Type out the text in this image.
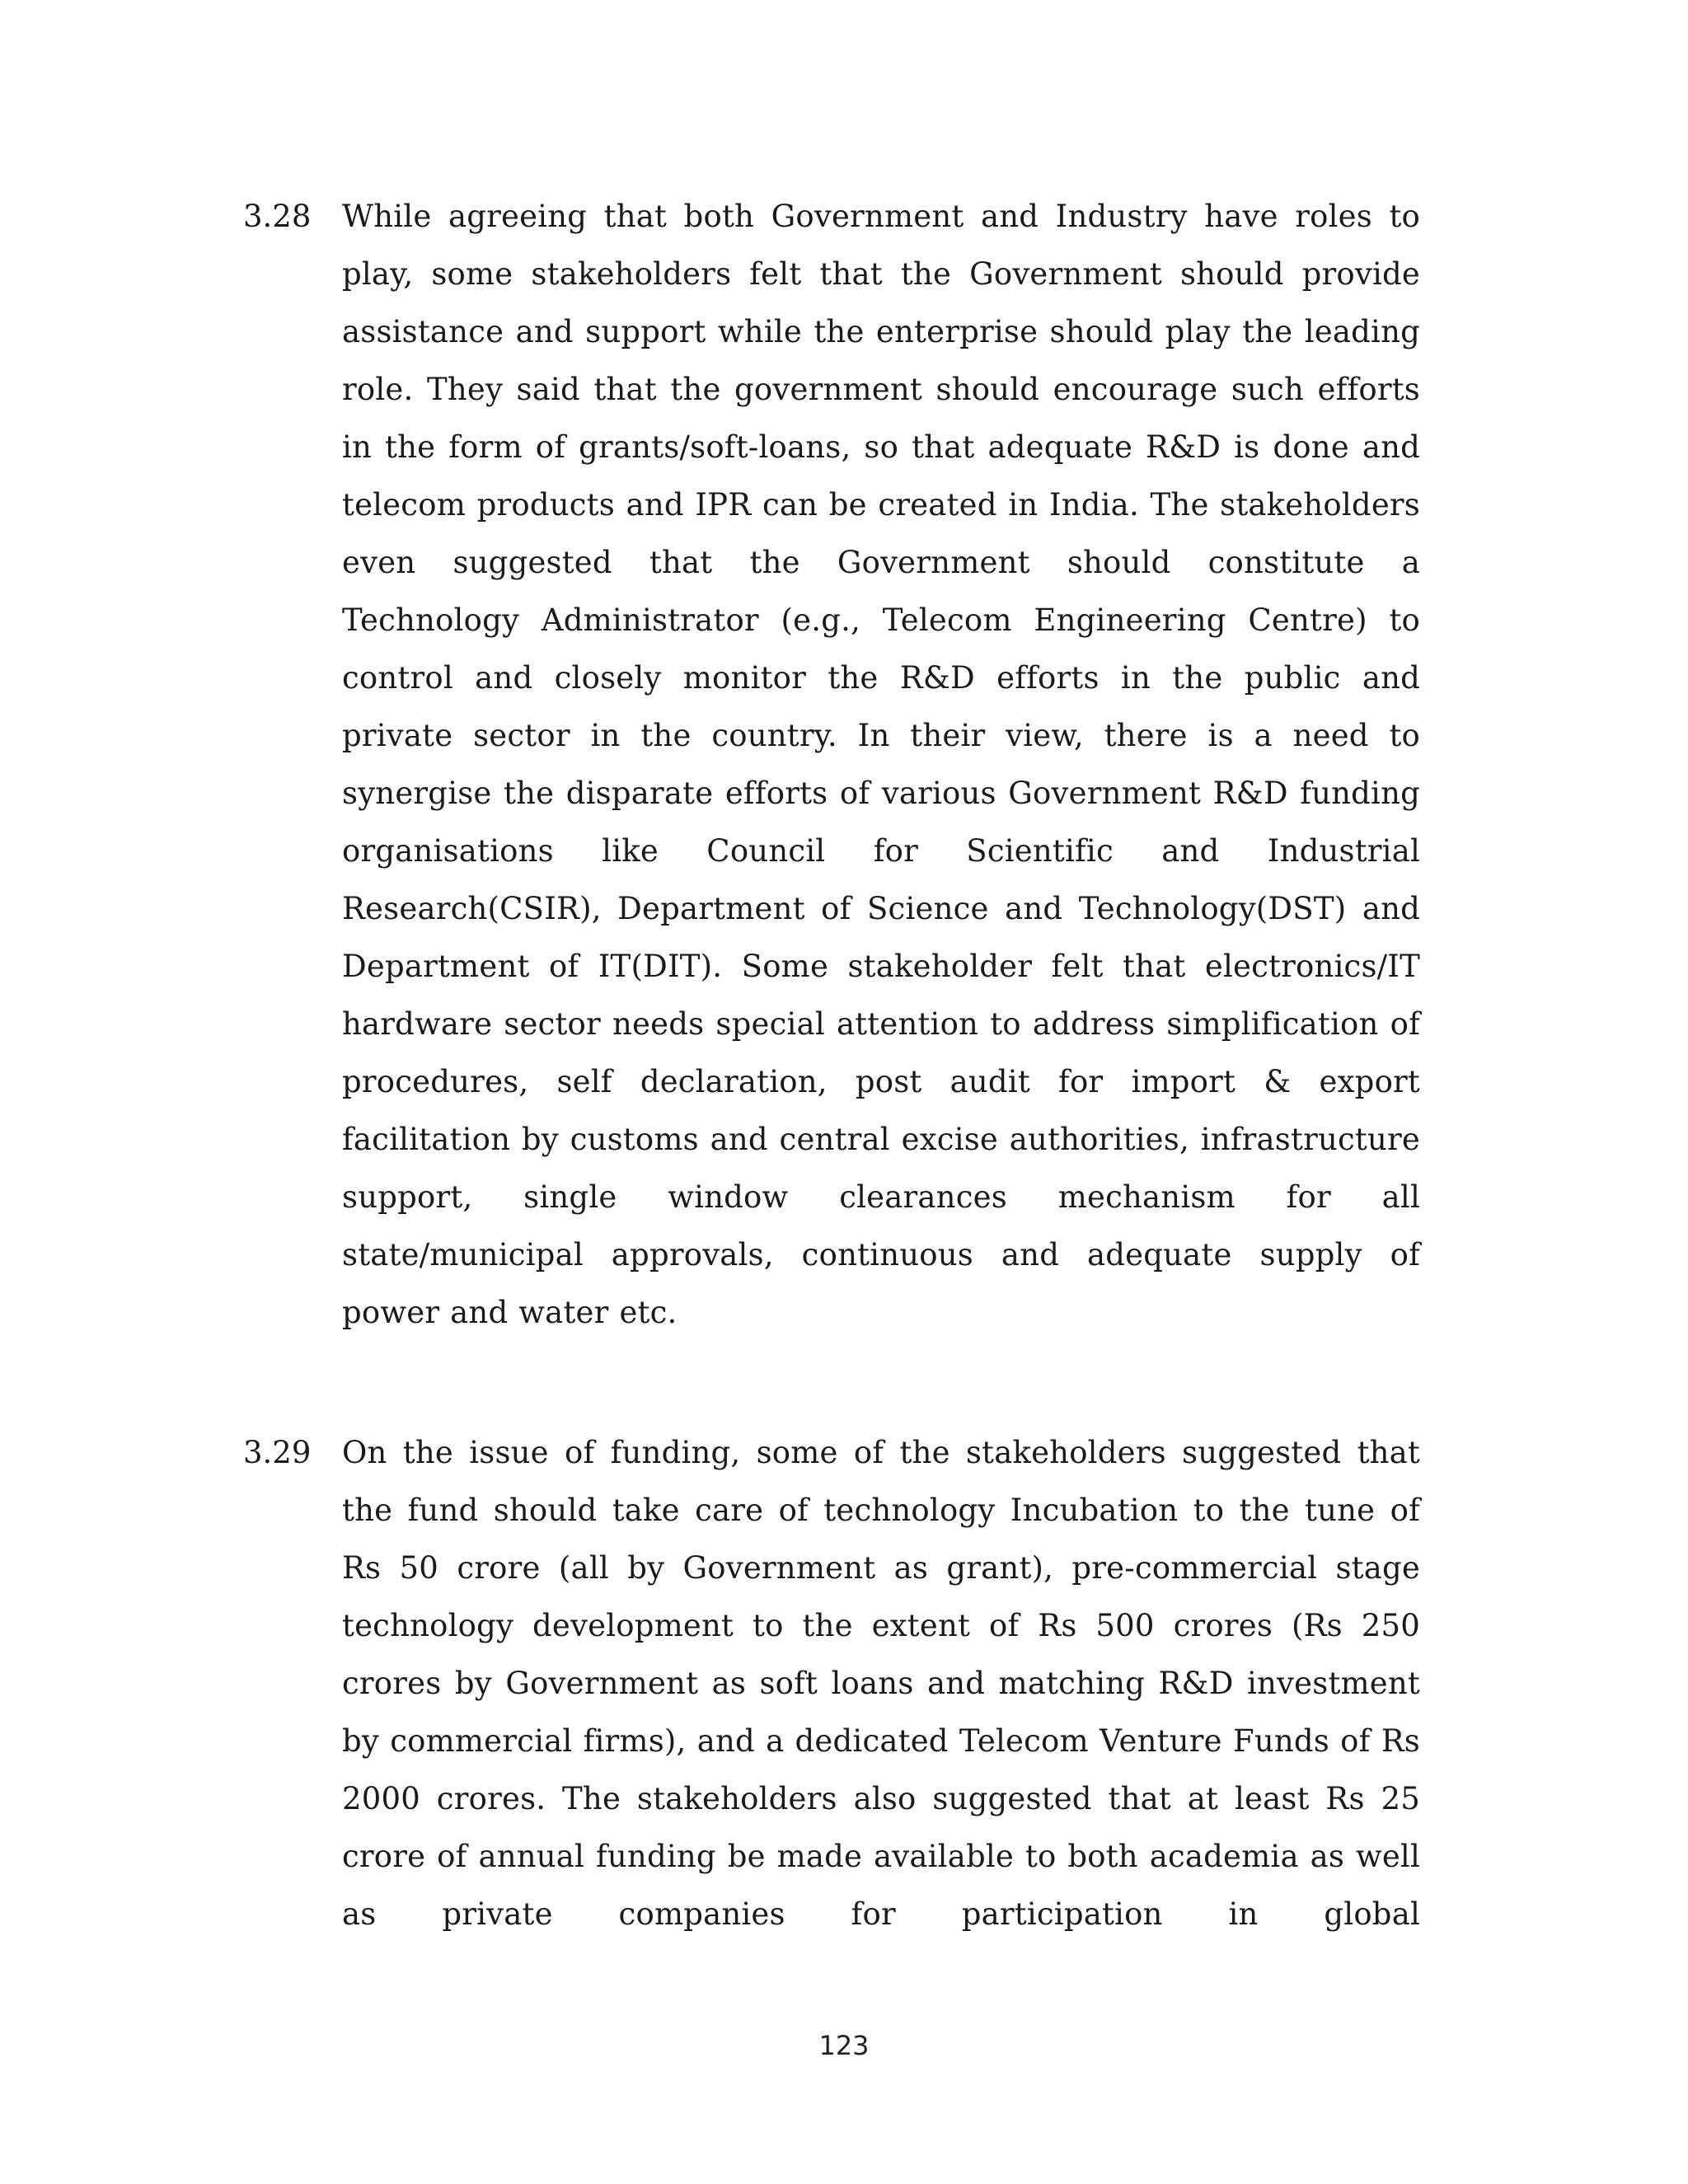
3.28 While agreeing that both Government and Industry have roles to play, some stakeholders felt that the Government should provide assistance and support while the enterprise should play the leading role. They said that the government should encourage such efforts in the form of grants/soft-loans, so that adequate R&D is done and telecom products and IPR can be created in India. The stakeholders even suggested that the Government should constitute a Technology Administrator (e.g., Telecom Engineering Centre) to control and closely monitor the R&D efforts in the public and private sector in the country. In their view, there is a need to synergise the disparate efforts of various Government R&D funding organisations like Council for Scientific and Industrial Research(CSIR), Department of Science and Technology(DST) and Department of IT(DIT). Some stakeholder felt that electronics/IT hardware sector needs special attention to address simplification of procedures, self declaration, post audit for import & export facilitation by customs and central excise authorities, infrastructure support, single window clearances mechanism for all state/municipal approvals, continuous and adequate supply of power and water etc.
3.29 On the issue of funding, some of the stakeholders suggested that the fund should take care of technology Incubation to the tune of Rs 50 crore (all by Government as grant), pre-commercial stage technology development to the extent of Rs 500 crores (Rs 250 crores by Government as soft loans and matching R&D investment by commercial firms), and a dedicated Telecom Venture Funds of Rs 2000 crores. The stakeholders also suggested that at least Rs 25 crore of annual funding be made available to both academia as well as private companies for participation in global
123
